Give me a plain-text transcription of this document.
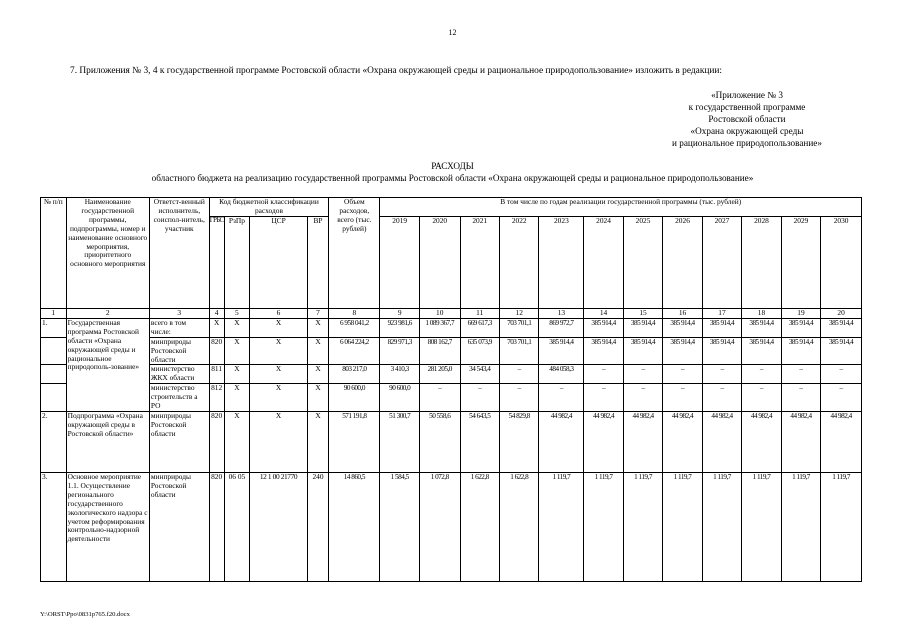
12
7. Приложения № 3, 4 к государственной программе Ростовской области «Охрана окружающей среды и рациональное природопользование» изложить в редакции:
«Приложение № 3
к государственной программе
Ростовской области
«Охрана окружающей среды
и рациональное природопользование»
РАСХОДЫ
областного бюджета на реализацию государственной программы Ростовской области «Охрана окружающей среды и рациональное природопользование»
№ п/п	Наименование государственной программы, подпрограммы, номер и наименование основного мероприятия, приоритетного основного мероприятия	Ответст-венный исполнитель, соиспол-нитель, участник	Код бюджетной классификации расходов				Объем расходов, всего (тыс. рублей)	В том числе по годам реализации государственной программы (тыс. рублей)											
			ГРБС	РзПр	ЦСР	ВР		2019	2020	2021	2022	2023	2024	2025	2026	2027	2028	2029	2030
1	2	3	4	5	6	7	8	9	10	11	12	13	14	15	16	17	18	19	20
1.	Государственная программа Ростовской области «Охрана окружающей среды и рациональное природополь-зование»	всего в том числе:	X	X	X	X	6 958 041,2	923 981,6	1 089 367,7	669 617,3	703 701,1	869 972,7	385 914,4	385 914,4	385 914,4	385 914,4	385 914,4	385 914,4	385 914,4
		минприроды Ростовской области	820	X	X	X	6 064 224,2	829 971,3	808 162,7	635 073,9	703 701,1	385 914,4	385 914,4	385 914,4	385 914,4	385 914,4	385 914,4	385 914,4	385 914,4
		министерство ЖКХ области	811	X	X	X	803 217,0	3 410,3	281 205,0	34 543,4	–	484 058,3	–	–	–	–	–	–	–
		министерство строительств а РО	812	X	X	X	90 600,0	90 600,0	–	–	–	–	–	–	–	–	–	–	–
2.	Подпрограмма «Охрана окружающей среды в Ростовской области»	минприроды Ростовской области	820	X	X	X	571 191,8	51 300,7	50 558,6	54 643,5	54 829,8	44 982,4	44 982,4	44 982,4	44 982,4	44 982,4	44 982,4	44 982,4	44 982,4
3.	Основное мероприятие 1.1. Осуществление регионального государственного экологического надзора с учетом реформирования контрольно-надзорной деятельности	минприроды Ростовской области	820	06 05	12 1 00 21770	240	14 860,5	1 584,5	1 072,8	1 622,8	1 622,8	1 119,7	1 119,7	1 119,7	1 119,7	1 119,7	1 119,7	1 119,7	1 119,7
Y:\ORST\Ppo\0831p765.f20.docx
